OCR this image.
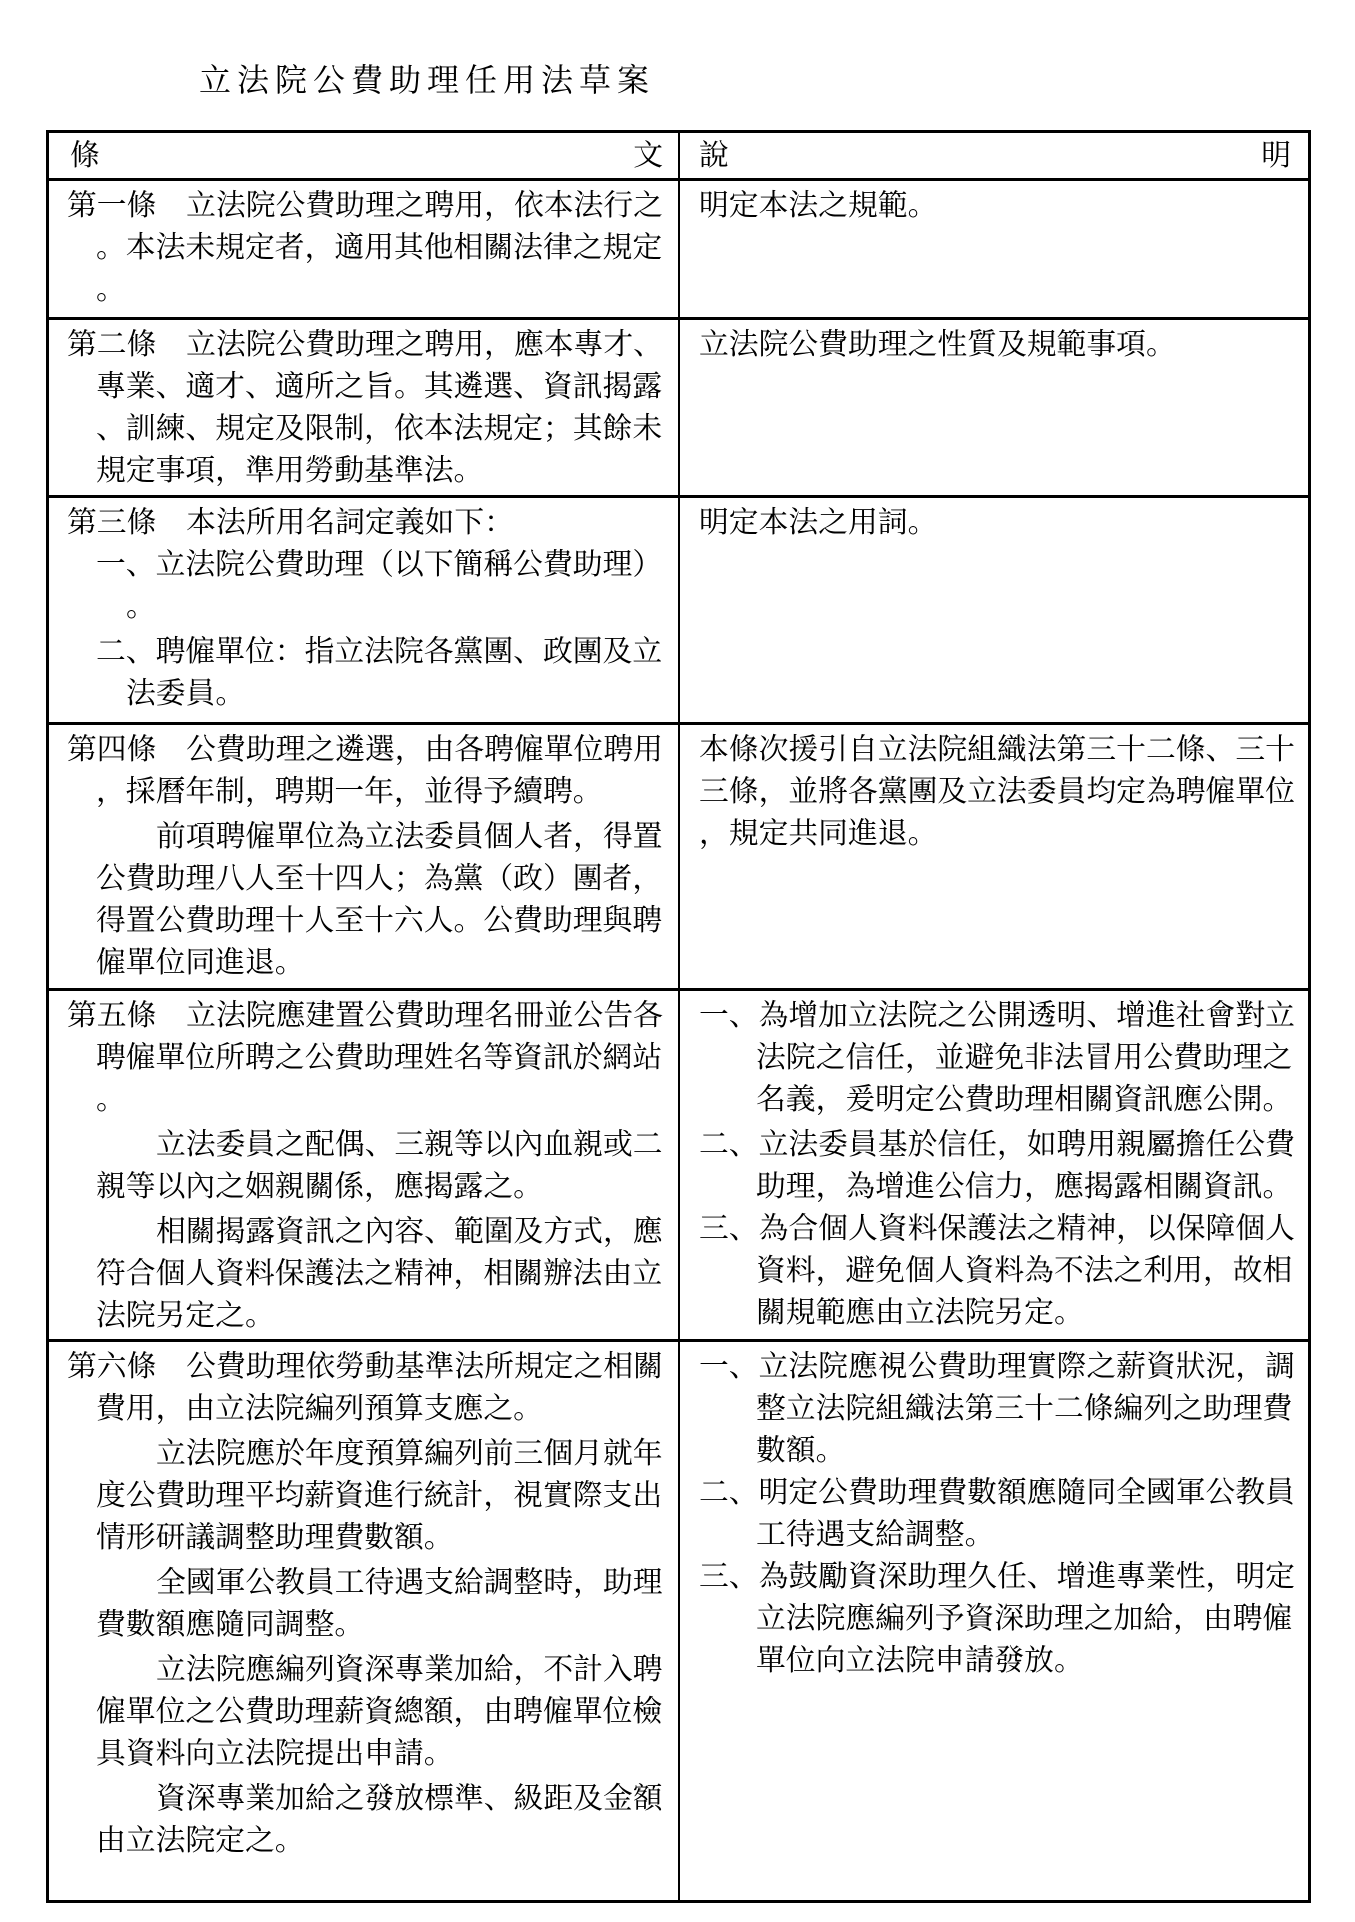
立法院公費助理任用法草案
條	文 說	明
第一條　立法院公費助理之聘用，依本法行之
。本法未規定者，適用其他相關法律之規定
。
明定本法之規範。
第二條　立法院公費助理之聘用，應本專才、
專業、適才、適所之旨。其遴選、資訊揭露
、訓練、規定及限制，依本法規定；其餘未
規定事項，準用勞動基準法。
立法院公費助理之性質及規範事項。
第三條　本法所用名詞定義如下：
一、立法院公費助理（以下簡稱公費助理）
。
二、聘僱單位：指立法院各黨團、政團及立
法委員。
明定本法之用詞。
第四條　公費助理之遴選，由各聘僱單位聘用
，採曆年制，聘期一年，並得予續聘。
前項聘僱單位為立法委員個人者，得置
公費助理八人至十四人；為黨（政）團者，
得置公費助理十人至十六人。公費助理與聘
僱單位同進退。
本條次援引自立法院組織法第三十二條、三十
三條，並將各黨團及立法委員均定為聘僱單位
，規定共同進退。
第五條　立法院應建置公費助理名冊並公告各
聘僱單位所聘之公費助理姓名等資訊於網站
。
立法委員之配偶、三親等以內血親或二
親等以內之姻親關係，應揭露之。
相關揭露資訊之內容、範圍及方式，應
符合個人資料保護法之精神，相關辦法由立
法院另定之。
一、為增加立法院之公開透明、增進社會對立
法院之信任，並避免非法冒用公費助理之
名義，爰明定公費助理相關資訊應公開。
二、立法委員基於信任，如聘用親屬擔任公費
助理，為增進公信力，應揭露相關資訊。
三、為合個人資料保護法之精神，以保障個人
資料，避免個人資料為不法之利用，故相
關規範應由立法院另定。
第六條　公費助理依勞動基準法所規定之相關
費用，由立法院編列預算支應之。
立法院應於年度預算編列前三個月就年
度公費助理平均薪資進行統計，視實際支出
情形研議調整助理費數額。
全國軍公教員工待遇支給調整時，助理
費數額應隨同調整。
立法院應編列資深專業加給，不計入聘
僱單位之公費助理薪資總額，由聘僱單位檢
具資料向立法院提出申請。
資深專業加給之發放標準、級距及金額
由立法院定之。
一、立法院應視公費助理實際之薪資狀況，調
整立法院組織法第三十二條編列之助理費
數額。
二、明定公費助理費數額應隨同全國軍公教員
工待遇支給調整。
三、為鼓勵資深助理久任、增進專業性，明定
立法院應編列予資深助理之加給，由聘僱
單位向立法院申請發放。
